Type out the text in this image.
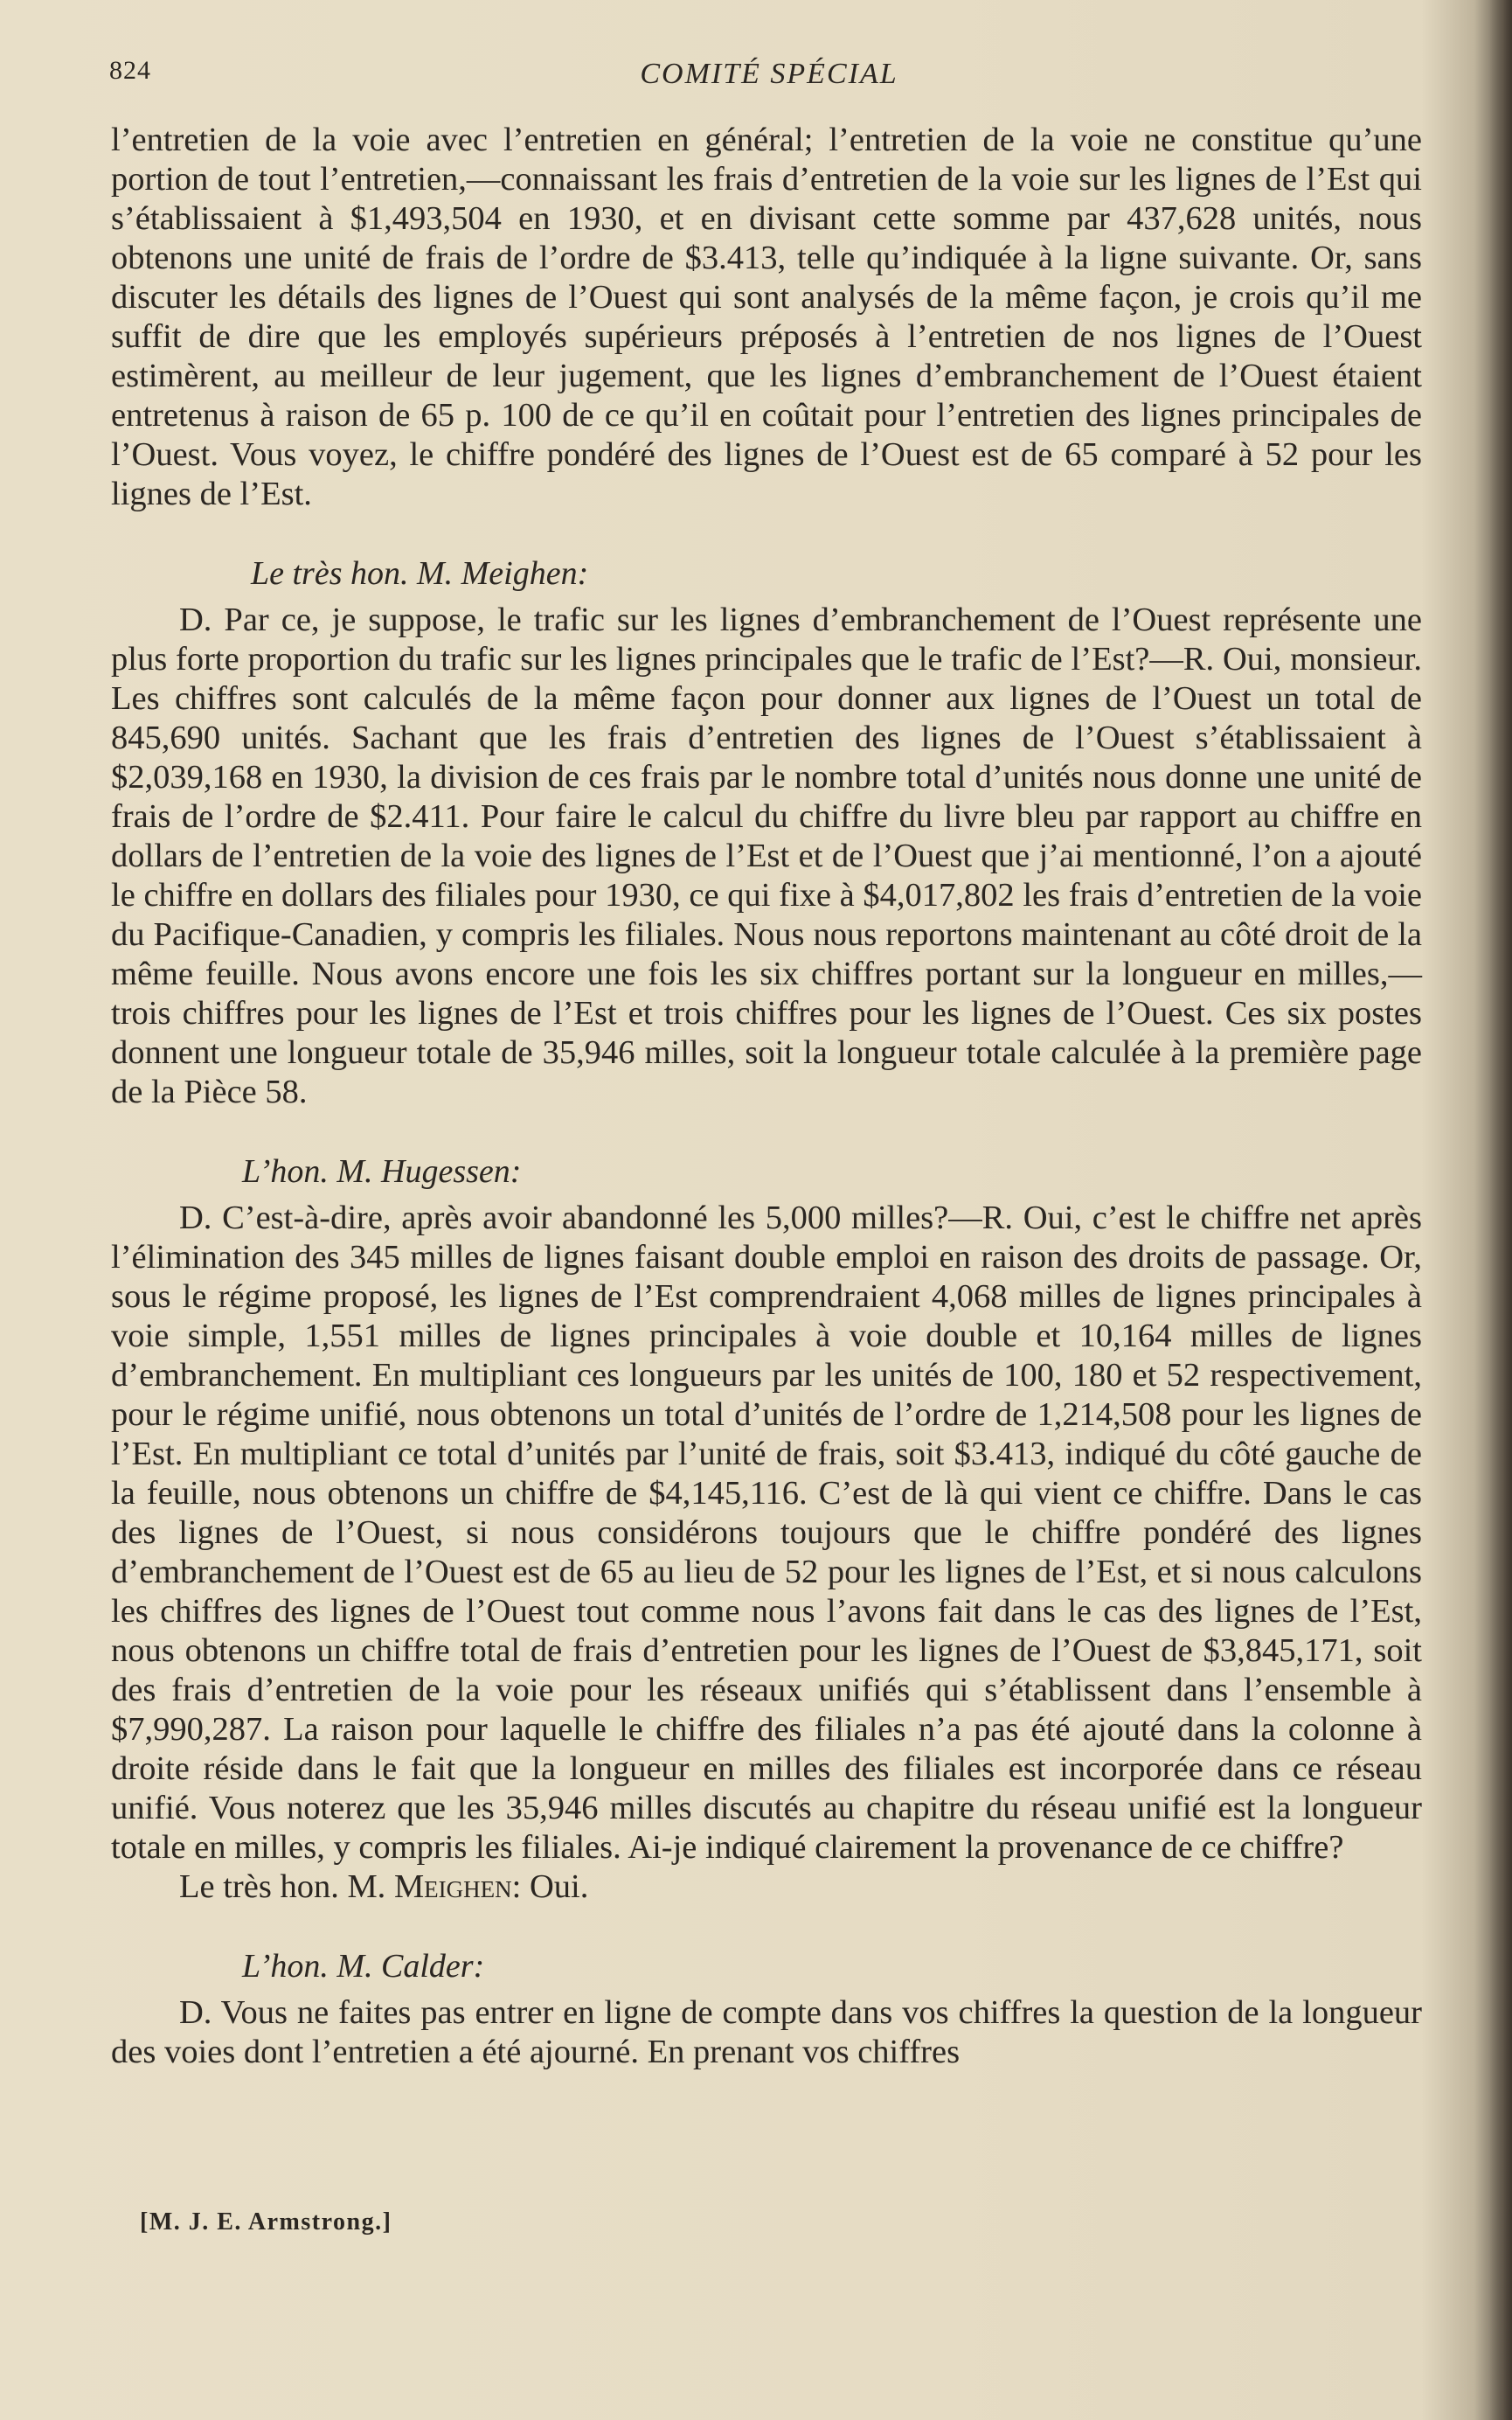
824	COMITÉ SPÉCIAL

l’entretien de la voie avec l’entretien en général; l’entretien de la voie ne constitue qu’une portion de tout l’entretien,—connaissant les frais d’entretien de la voie sur les lignes de l’Est qui s’établissaient à $1,493,504 en 1930, et en divisant cette somme par 437,628 unités, nous obtenons une unité de frais de l’ordre de $3.413, telle qu’indiquée à la ligne suivante. Or, sans discuter les détails des lignes de l’Ouest qui sont analysés de la même façon, je crois qu’il me suffit de dire que les employés supérieurs préposés à l’entretien de nos lignes de l’Ouest estimèrent, au meilleur de leur jugement, que les lignes d’embranchement de l’Ouest étaient entretenus à raison de 65 p. 100 de ce qu’il en coûtait pour l’entretien des lignes principales de l’Ouest. Vous voyez, le chiffre pondéré des lignes de l’Ouest est de 65 comparé à 52 pour les lignes de l’Est.

Le très hon. M. Meighen:

D. Par ce, je suppose, le trafic sur les lignes d’embranchement de l’Ouest représente une plus forte proportion du trafic sur les lignes principales que le trafic de l’Est?—R. Oui, monsieur. Les chiffres sont calculés de la même façon pour donner aux lignes de l’Ouest un total de 845,690 unités. Sachant que les frais d’entretien des lignes de l’Ouest s’établissaient à $2,039,168 en 1930, la division de ces frais par le nombre total d’unités nous donne une unité de frais de l’ordre de $2.411. Pour faire le calcul du chiffre du livre bleu par rapport au chiffre en dollars de l’entretien de la voie des lignes de l’Est et de l’Ouest que j’ai mentionné, l’on a ajouté le chiffre en dollars des filiales pour 1930, ce qui fixe à $4,017,802 les frais d’entretien de la voie du Pacifique-Canadien, y compris les filiales. Nous nous reportons maintenant au côté droit de la même feuille. Nous avons encore une fois les six chiffres portant sur la longueur en milles,—trois chiffres pour les lignes de l’Est et trois chiffres pour les lignes de l’Ouest. Ces six postes donnent une longueur totale de 35,946 milles, soit la longueur totale calculée à la première page de la Pièce 58.

L’hon. M. Hugessen:

D. C’est-à-dire, après avoir abandonné les 5,000 milles?—R. Oui, c’est le chiffre net après l’élimination des 345 milles de lignes faisant double emploi en raison des droits de passage. Or, sous le régime proposé, les lignes de l’Est comprendraient 4,068 milles de lignes principales à voie simple, 1,551 milles de lignes principales à voie double et 10,164 milles de lignes d’embranchement. En multipliant ces longueurs par les unités de 100, 180 et 52 respectivement, pour le régime unifié, nous obtenons un total d’unités de l’ordre de 1,214,508 pour les lignes de l’Est. En multipliant ce total d’unités par l’unité de frais, soit $3.413, indiqué du côté gauche de la feuille, nous obtenons un chiffre de $4,145,116. C’est de là qui vient ce chiffre. Dans le cas des lignes de l’Ouest, si nous considérons toujours que le chiffre pondéré des lignes d’embranchement de l’Ouest est de 65 au lieu de 52 pour les lignes de l’Est, et si nous calculons les chiffres des lignes de l’Ouest tout comme nous l’avons fait dans le cas des lignes de l’Est, nous obtenons un chiffre total de frais d’entretien pour les lignes de l’Ouest de $3,845,171, soit des frais d’entretien de la voie pour les réseaux unifiés qui s’établissent dans l’ensemble à $7,990,287. La raison pour laquelle le chiffre des filiales n’a pas été ajouté dans la colonne à droite réside dans le fait que la longueur en milles des filiales est incorporée dans ce réseau unifié. Vous noterez que les 35,946 milles discutés au chapitre du réseau unifié est la longueur totale en milles, y compris les filiales. Ai-je indiqué clairement la provenance de ce chiffre?

Le très hon. M. Meighen: Oui.

L’hon. M. Calder:

D. Vous ne faites pas entrer en ligne de compte dans vos chiffres la question de la longueur des voies dont l’entretien a été ajourné. En prenant vos chiffres

[M. J. E. Armstrong.]
